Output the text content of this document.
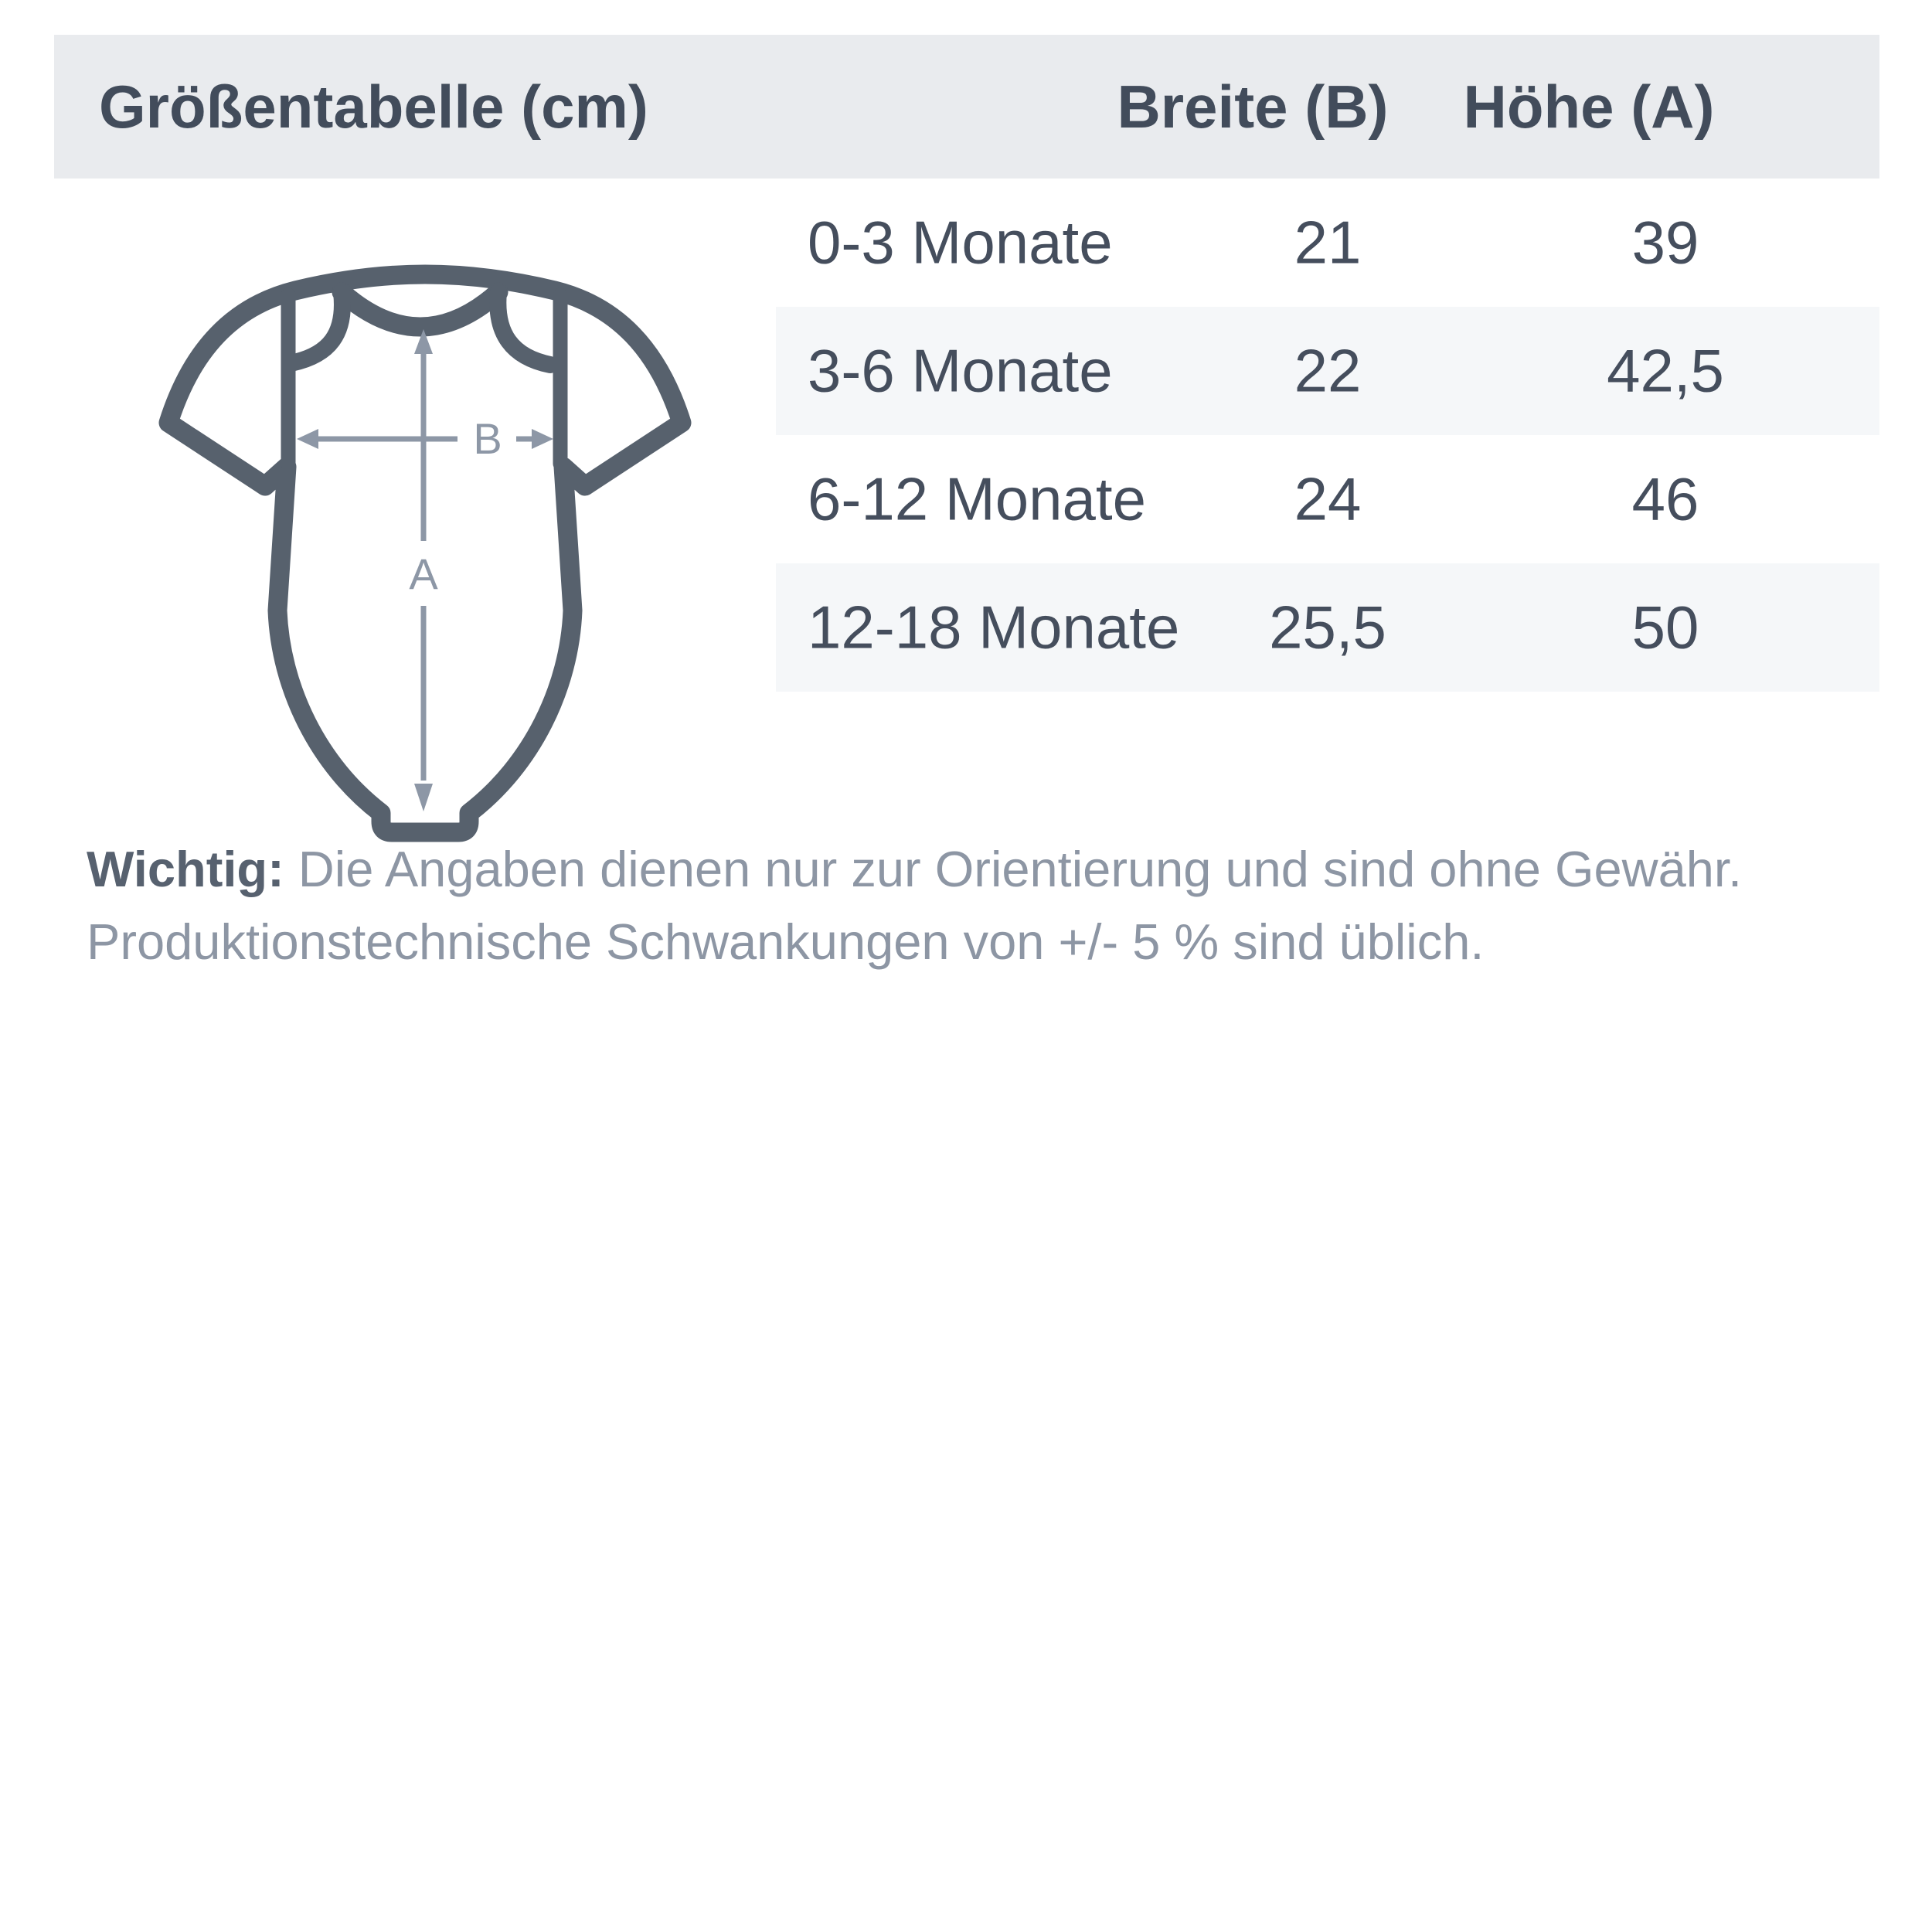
Größentabelle (cm)	Breite (B) Höhe (A)
0-3 Monate	21	39
3-6 Monate	22	42,5
6-12 Monate 24	46
12-18 Monate 25,5	50
A
B
Wichtig: Die Angaben dienen nur zur Orientierung und sind ohne Gewähr.
Produktionstechnische Schwankungen von +/- 5 % sind üblich.
